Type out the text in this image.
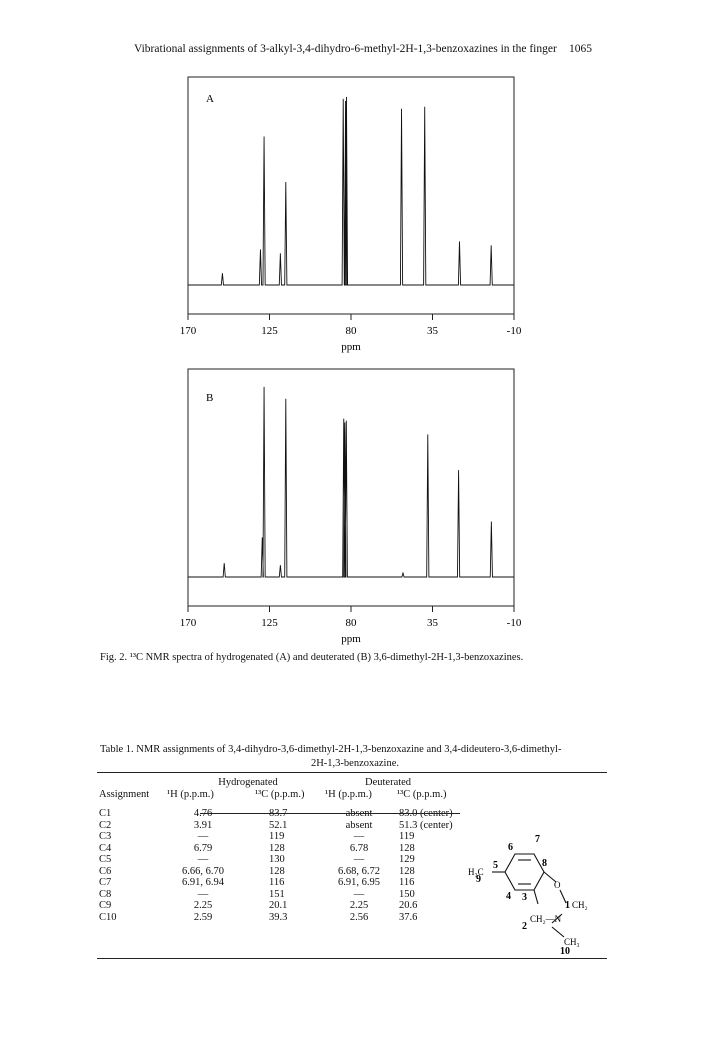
Vibrational assignments of 3-alkyl-3,4-dihydro-6-methyl-2H-1,3-benzoxazines in the finger 1065
A
170	125	80	35	-10
ppm
B
170	125	80	35	-10
ppm
Fig. 2. ¹³C NMR spectra of hydrogenated (A) and deuterated (B) 3,6-dimethyl-2H-1,3-benzoxazines.
Table 1. NMR assignments of 3,4-dihydro-3,6-dimethyl-2H-1,3-benzoxazine and 3,4-dideutero-3,6-dimethyl-
2H-1,3-benzoxazine.
	Hydrogenated		Deuterated	
Assignment	¹H (p.p.m.)	¹³C (p.p.m.)	¹H (p.p.m.)	¹³C (p.p.m.)
C1	4.76	83.7	absent	83.0 (center)
C2	3.91	52.1	absent	51.3 (center)
C3	—	119	—	119
C4	6.79	128	6.78	128
C5	—	130	—	129
C6	6.66, 6.70	128	6.68, 6.72	128
C7	6.91, 6.94	116	6.91, 6.95	116
C8	—	151	—	150
C9	2.25	20.1	2.25	20.6
C10	2.59	39.3	2.56	37.6
6
7
5	8
9
4 3
1
2
10
H₃C
O
CH₂
CH₂—N
CH₃
